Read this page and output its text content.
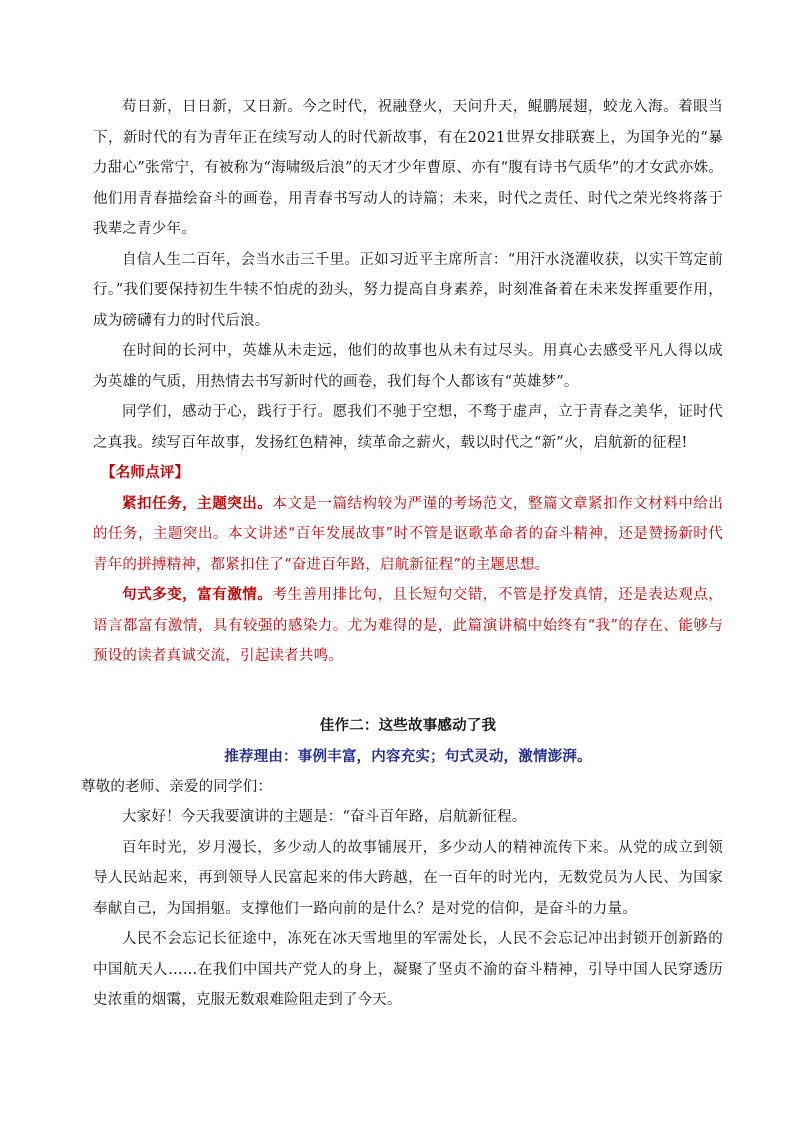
苟日新，日日新，又日新。今之时代，祝融登火，天问升天，鲲鹏展翅，蛟龙入海。着眼当下，新时代的有为青年正在续写动人的时代新故事，有在2021世界女排联赛上，为国争光的“暴力甜心”张常宁，有被称为“海啸级后浪”的天才少年曹原、亦有“腹有诗书气质华”的才女武亦姝。他们用青春描绘奋斗的画卷，用青春书写动人的诗篇；未来，时代之责任、时代之荣光终将落于我辈之青少年。

自信人生二百年，会当水击三千里。正如习近平主席所言：“用汗水浇灌收获，以实干笃定前行。”我们要保持初生牛犊不怕虎的劲头，努力提高自身素养，时刻准备着在未来发挥重要作用，成为磅礴有力的时代后浪。

在时间的长河中，英雄从未走远，他们的故事也从未有过尽头。用真心去感受平凡人得以成为英雄的气质，用热情去书写新时代的画卷，我们每个人都该有“英雄梦”。

同学们，感动于心，践行于行。愿我们不驰于空想，不骛于虚声，立于青春之美华，证时代之真我。续写百年故事，发扬红色精神，续革命之薪火，载以时代之“新”火，启航新的征程!

【名师点评】

紧扣任务，主题突出。本文是一篇结构较为严谨的考场范文，整篇文章紧扣作文材料中给出的任务，主题突出。本文讲述“百年发展故事”时不管是讴歌革命者的奋斗精神，还是赞扬新时代青年的拼搏精神，都紧扣住了“奋进百年路，启航新征程”的主题思想。

句式多变，富有激情。考生善用排比句，且长短句交错，不管是抒发真情，还是表达观点，语言都富有激情，具有较强的感染力。尤为难得的是，此篇演讲稿中始终有“我”的存在、能够与预设的读者真诚交流，引起读者共鸣。

佳作二：这些故事感动了我

推荐理由：事例丰富，内容充实；句式灵动，激情澎湃。

尊敬的老师、亲爱的同学们：

大家好！今天我要演讲的主题是：“奋斗百年路，启航新征程。

百年时光，岁月漫长，多少动人的故事铺展开，多少动人的精神流传下来。从党的成立到领导人民站起来，再到领导人民富起来的伟大跨越，在一百年的时光内，无数党员为人民、为国家奉献自己，为国捐躯。支撑他们一路向前的是什么？是对党的信仰，是奋斗的力量。

人民不会忘记长征途中，冻死在冰天雪地里的军需处长，人民不会忘记冲出封锁开创新路的中国航天人……在我们中国共产党人的身上，凝聚了坚贞不渝的奋斗精神，引导中国人民穿透历史浓重的烟霭，克服无数艰难险阻走到了今天。
